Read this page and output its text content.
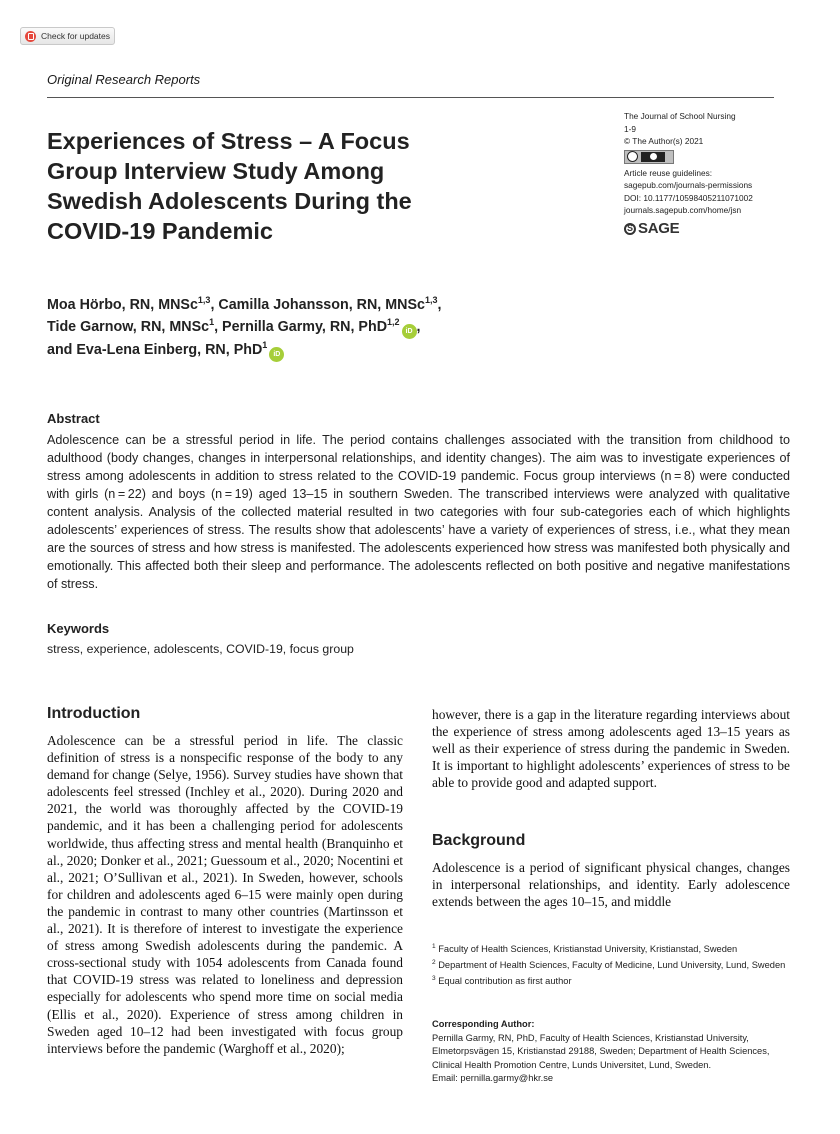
Check for updates
Original Research Reports
Experiences of Stress – A Focus Group Interview Study Among Swedish Adolescents During the COVID-19 Pandemic
The Journal of School Nursing
1-9
© The Author(s) 2021
Article reuse guidelines:
sagepub.com/journals-permissions
DOI: 10.1177/10598405211071002
journals.sagepub.com/home/jsn
S
SAGE
Moa Hörbo, RN, MNSc$^{1,3}$, Camilla Johansson, RN, MNSc$^{1,3}$,
Tide Garnow, RN, MNSc$^1$, Pernilla Garmy, RN, PhD$^{1,2}$iD ,
and Eva-Lena Einberg, RN, PhD$^1$iD
Abstract
Adolescence can be a stressful period in life. The period contains challenges associated with the transition from childhood to adulthood (body changes, changes in interpersonal relationships, and identity changes). The aim was to investigate experiences of stress among adolescents in addition to stress related to the COVID-19 pandemic. Focus group interviews (n = 8) were conducted with girls (n = 22) and boys (n = 19) aged 13–15 in southern Sweden. The transcribed interviews were analyzed with qualitative content analysis. Analysis of the collected material resulted in two categories with four sub-categories each of which highlights adolescents’ experiences of stress. The results show that adolescents’ have a variety of experiences of stress, i.e., what they mean are the sources of stress and how stress is manifested. The adolescents experienced how stress was manifested both physically and emotionally. This affected both their sleep and performance. The adolescents reflected on both positive and negative manifestations of stress.
Keywords
stress, experience, adolescents, COVID-19, focus group
Introduction
Adolescence can be a stressful period in life. The classic definition of stress is a nonspecific response of the body to any demand for change (Selye, 1956). Survey studies have shown that adolescents feel stressed (Inchley et al., 2020). During 2020 and 2021, the world was thoroughly affected by the COVID-19 pandemic, and it has been a challenging period for adolescents worldwide, thus affecting stress and mental health (Branquinho et al., 2020; Donker et al., 2021; Guessoum et al., 2020; Nocentini et al., 2021; O’Sullivan et al., 2021). In Sweden, however, schools for children and adolescents aged 6–15 were mainly open during the pandemic in contrast to many other countries (Martinsson et al., 2021). It is therefore of interest to investigate the experience of stress among Swedish adolescents during the pandemic. A cross-sectional study with 1054 adolescents from Canada found that COVID-19 stress was related to loneliness and depression especially for adolescents who spend more time on social media (Ellis et al., 2020). Experience of stress among children in Sweden aged 10–12 had been investigated with focus group interviews before the pandemic (Warghoff et al., 2020);
however, there is a gap in the literature regarding interviews about the experience of stress among adolescents aged 13–15 years as well as their experience of stress during the pandemic in Sweden. It is important to highlight adolescents’ experiences of stress to be able to provide good and adapted support.
Background
Adolescence is a period of significant physical changes, changes in interpersonal relationships, and identity. Early adolescence extends between the ages 10–15, and middle
$^1$ Faculty of Health Sciences, Kristianstad University, Kristianstad, Sweden
$^2$ Department of Health Sciences, Faculty of Medicine, Lund University, Lund, Sweden
$^3$ Equal contribution as first author
Corresponding Author:
Pernilla Garmy, RN, PhD, Faculty of Health Sciences, Kristianstad University, Elmetorpsvägen 15, Kristianstad 29188, Sweden; Department of Health Sciences, Clinical Health Promotion Centre, Lunds Universitet, Lund, Sweden.
Email: pernilla.garmy@hkr.se
